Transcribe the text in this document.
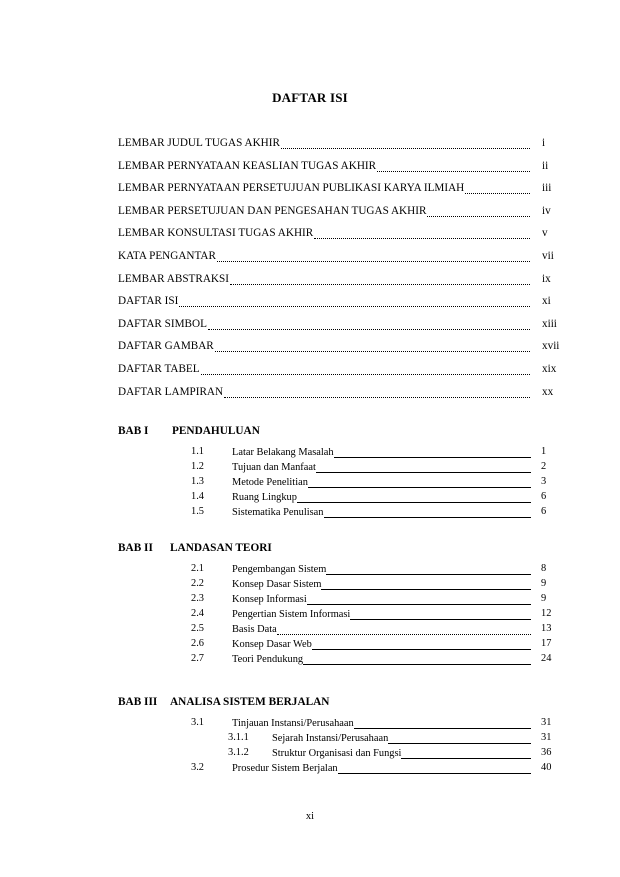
DAFTAR ISI
LEMBAR JUDUL TUGAS AKHIR	i
LEMBAR PERNYATAAN KEASLIAN TUGAS AKHIR	ii
LEMBAR PERNYATAAN PERSETUJUAN PUBLIKASI KARYA ILMIAH	iii
LEMBAR PERSETUJUAN DAN PENGESAHAN TUGAS AKHIR	iv
LEMBAR KONSULTASI TUGAS AKHIR	v
KATA PENGANTAR	vii
LEMBAR ABSTRAKSI	ix
DAFTAR ISI	xi
DAFTAR SIMBOL	xiii
DAFTAR GAMBAR	xvii
DAFTAR TABEL	xix
DAFTAR LAMPIRAN	xx
BAB I PENDAHULUAN
1.1	Latar Belakang Masalah	1
1.2	Tujuan dan Manfaat	2
1.3	Metode Penelitian	3
1.4	Ruang Lingkup	6
1.5	Sistematika Penulisan	6
BAB II LANDASAN TEORI
2.1	Pengembangan Sistem	8
2.2	Konsep Dasar Sistem	9
2.3	Konsep Informasi	9
2.4	Pengertian Sistem Informasi	12
2.5	Basis Data	13
2.6	Konsep Dasar Web	17
2.7	Teori Pendukung	24
BAB III ANALISA SISTEM BERJALAN
3.1	Tinjauan Instansi/Perusahaan	31
3.1.1 Sejarah Instansi/Perusahaan	31
3.1.2 Struktur Organisasi dan Fungsi	36
3.2	Prosedur Sistem Berjalan	40
xi
